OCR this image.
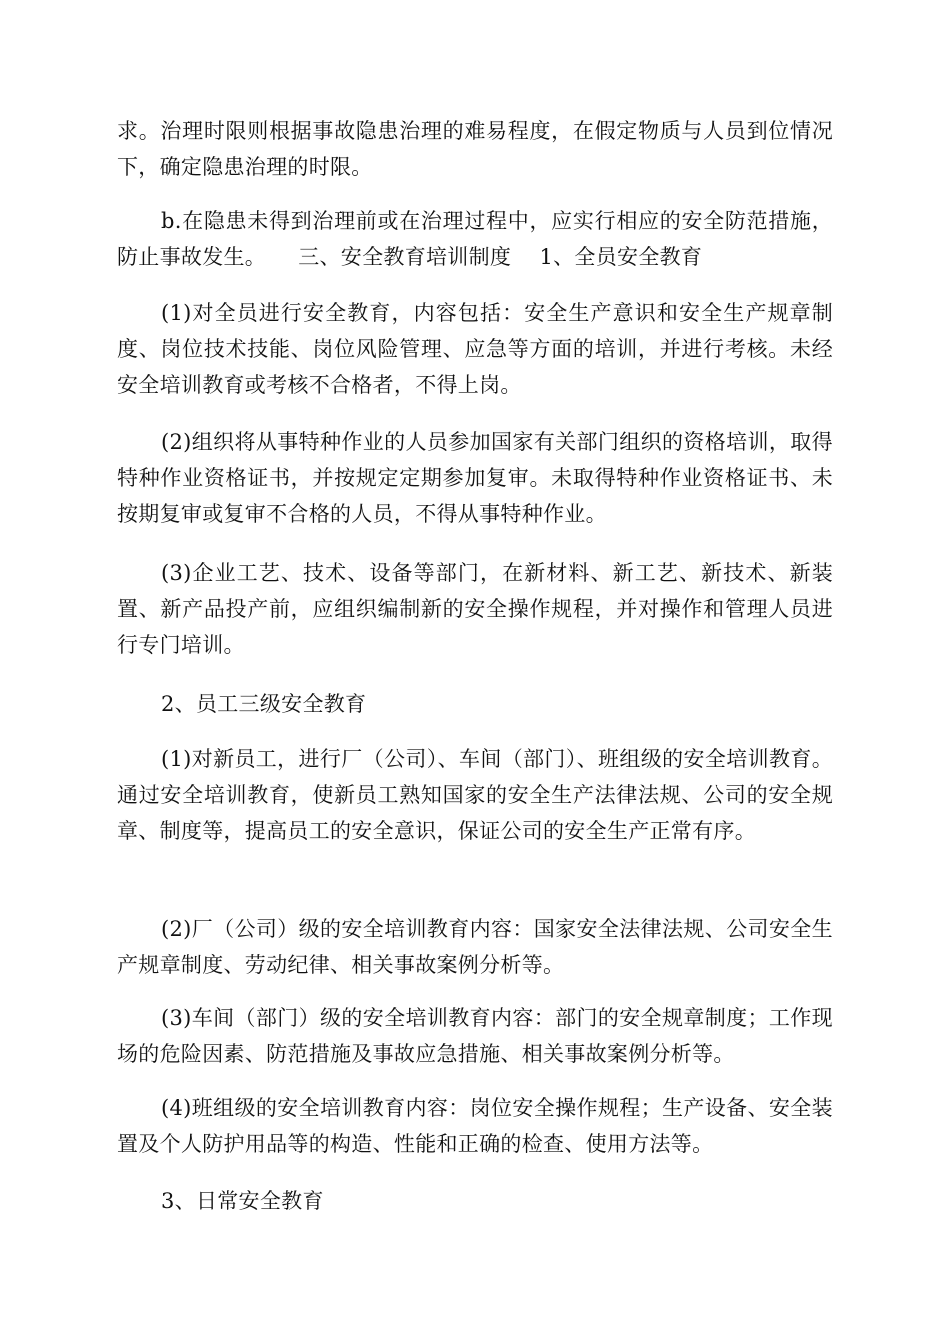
求。治理时限则根据事故隐患治理的难易程度，在假定物质与人员到位情况下，确定隐患治理的时限。

b.在隐患未得到治理前或在治理过程中，应实行相应的安全防范措施，防止事故发生。　　三、安全教育培训制度　 1、全员安全教育

(1)对全员进行安全教育，内容包括：安全生产意识和安全生产规章制度、岗位技术技能、岗位风险管理、应急等方面的培训，并进行考核。未经安全培训教育或考核不合格者，不得上岗。

(2)组织将从事特种作业的人员参加国家有关部门组织的资格培训，取得特种作业资格证书，并按规定定期参加复审。未取得特种作业资格证书、未按期复审或复审不合格的人员，不得从事特种作业。

(3)企业工艺、技术、设备等部门，在新材料、新工艺、新技术、新装置、新产品投产前，应组织编制新的安全操作规程，并对操作和管理人员进行专门培训。

2、员工三级安全教育

(1)对新员工，进行厂（公司）、车间（部门）、班组级的安全培训教育。通过安全培训教育，使新员工熟知国家的安全生产法律法规、公司的安全规章、制度等，提高员工的安全意识，保证公司的安全生产正常有序。

(2)厂（公司）级的安全培训教育内容：国家安全法律法规、公司安全生产规章制度、劳动纪律、相关事故案例分析等。

(3)车间（部门）级的安全培训教育内容：部门的安全规章制度；工作现场的危险因素、防范措施及事故应急措施、相关事故案例分析等。

(4)班组级的安全培训教育内容：岗位安全操作规程；生产设备、安全装置及个人防护用品等的构造、性能和正确的检查、使用方法等。

3、日常安全教育
